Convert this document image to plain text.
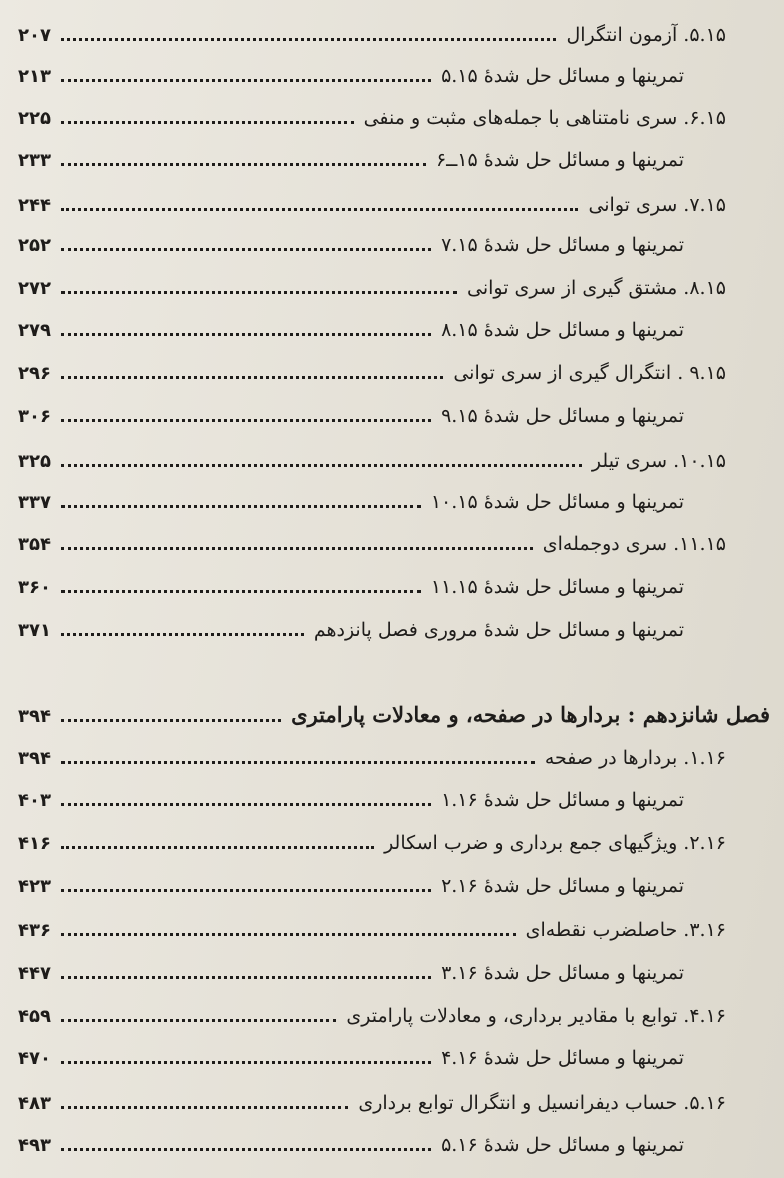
۵.۱۵. آزمون انتگرال
۲۰۷
تمرینها و مسائل حل شدهٔ ۵.۱۵
۲۱۳
۶.۱۵. سری نامتناهی با جمله‌های مثبت و منفی
۲۲۵
تمرینها و مسائل حل شدهٔ ۱۵ــ۶
۲۳۳
۷.۱۵. سری توانی
۲۴۴
تمرینها و مسائل حل شدهٔ ۷.۱۵
۲۵۲
۸.۱۵. مشتق گیری از سری توانی
۲۷۲
تمرینها و مسائل حل شدهٔ ۸.۱۵
۲۷۹
۹.۱۵ . انتگرال گیری از سری توانی
۲۹۶
تمرینها و مسائل حل شدهٔ ۹.۱۵
۳۰۶
۱۰.۱۵. سری تیلر
۳۲۵
تمرینها و مسائل حل شدهٔ ۱۰.۱۵
۳۳۷
۱۱.۱۵. سری دوجمله‌ای
۳۵۴
تمرینها و مسائل حل شدهٔ ۱۱.۱۵
۳۶۰
تمرینها و مسائل حل شدهٔ مروری فصل پانزدهم
۳۷۱
فصل شانزدهم : بردارها در صفحه، و معادلات پارامتری
۳۹۴
۱.۱۶. بردارها در صفحه
۳۹۴
تمرینها و مسائل حل شدهٔ ۱.۱۶
۴۰۳
۲.۱۶. ویژگیهای جمع برداری و ضرب اسکالر
۴۱۶
تمرینها و مسائل حل شدهٔ ۲.۱۶
۴۲۳
۳.۱۶. حاصلضرب نقطه‌ای
۴۳۶
تمرینها و مسائل حل شدهٔ ۳.۱۶
۴۴۷
۴.۱۶. توابع با مقادیر برداری، و معادلات پارامتری
۴۵۹
تمرینها و مسائل حل شدهٔ ۴.۱۶
۴۷۰
۵.۱۶. حساب دیفرانسیل و انتگرال توابع برداری
۴۸۳
تمرینها و مسائل حل شدهٔ ۵.۱۶
۴۹۳
